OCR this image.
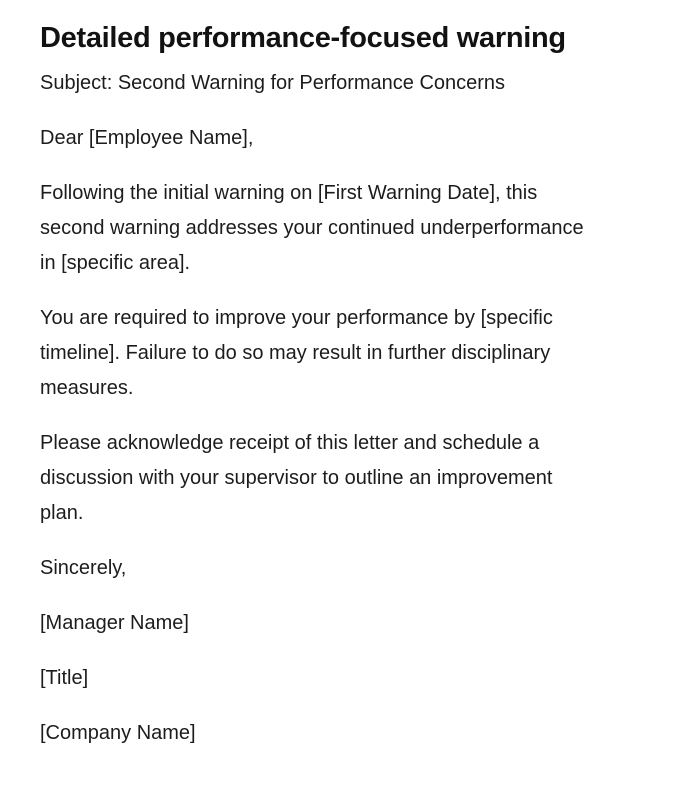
Detailed performance-focused warning

Subject: Second Warning for Performance Concerns

Dear [Employee Name],

Following the initial warning on [First Warning Date], this
second warning addresses your continued underperformance
in [specific area].

You are required to improve your performance by [specific
timeline]. Failure to do so may result in further disciplinary
measures.

Please acknowledge receipt of this letter and schedule a
discussion with your supervisor to outline an improvement
plan.

Sincerely,

[Manager Name]

[Title]

[Company Name]
